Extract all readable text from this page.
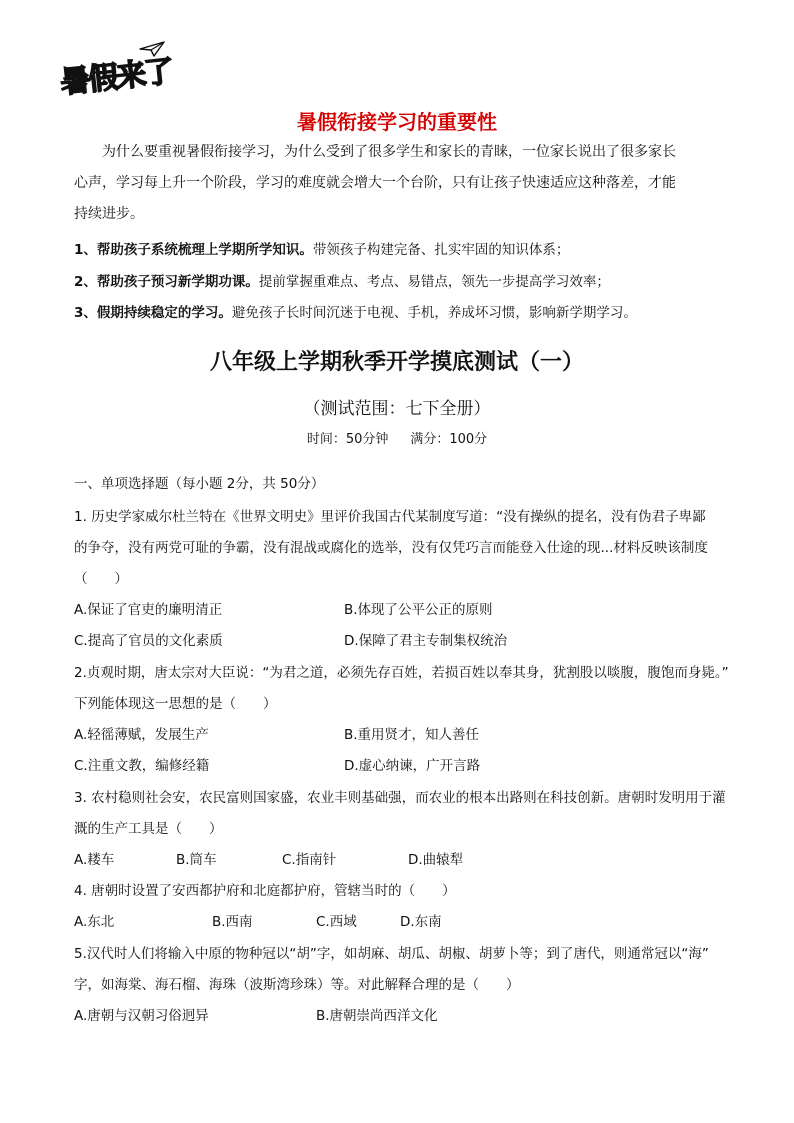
暑假来了
暑假衔接学习的重要性
为什么要重视暑假衔接学习，为什么受到了很多学生和家长的青睐，一位家长说出了很多家长
心声，学习每上升一个阶段，学习的难度就会增大一个台阶，只有让孩子快速适应这种落差，才能
持续进步。
1、帮助孩子系统梳理上学期所学知识。带领孩子构建完备、扎实牢固的知识体系；
2、帮助孩子预习新学期功课。提前掌握重难点、考点、易错点，领先一步提高学习效率；
3、假期持续稳定的学习。避免孩子长时间沉迷于电视、手机，养成坏习惯，影响新学期学习。
八年级上学期秋季开学摸底测试（一）
（测试范围：七下全册）
时间：50分钟 满分：100分
一、单项选择题（每小题 2分，共 50分）
1. 历史学家威尔杜兰特在《世界文明史》里评价我国古代某制度写道：“没有操纵的提名，没有伪君子卑鄙
的争夺，没有两党可耻的争霸，没有混战或腐化的选举，没有仅凭巧言而能登入仕途的现...材料反映该制度
（　　）
A.保证了官吏的廉明清正	B.体现了公平公正的原则
C.提高了官员的文化素质	D.保障了君主专制集权统治
2.贞观时期，唐太宗对大臣说：“为君之道，必须先存百姓，若损百姓以奉其身，犹割股以啖腹，腹饱而身毙。”
下列能体现这一思想的是（　　）
A.轻徭薄赋，发展生产	B.重用贤才，知人善任
C.注重文教，编修经籍	D.虚心纳谏，广开言路
3. 农村稳则社会安，农民富则国家盛，农业丰则基础强，而农业的根本出路则在科技创新。唐朝时发明用于灌
溉的生产工具是（　　）
A.耧车	B.筒车	C.指南针	D.曲辕犁
4. 唐朝时设置了安西都护府和北庭都护府，管辖当时的（　　）
A.东北	B.西南	C.西域	D.东南
5.汉代时人们将输入中原的物种冠以“胡”字，如胡麻、胡瓜、胡椒、胡萝卜等；到了唐代，则通常冠以“海”
字，如海棠、海石榴、海珠（波斯湾珍珠）等。对此解释合理的是（　　）
A.唐朝与汉朝习俗迥异	B.唐朝崇尚西洋文化
